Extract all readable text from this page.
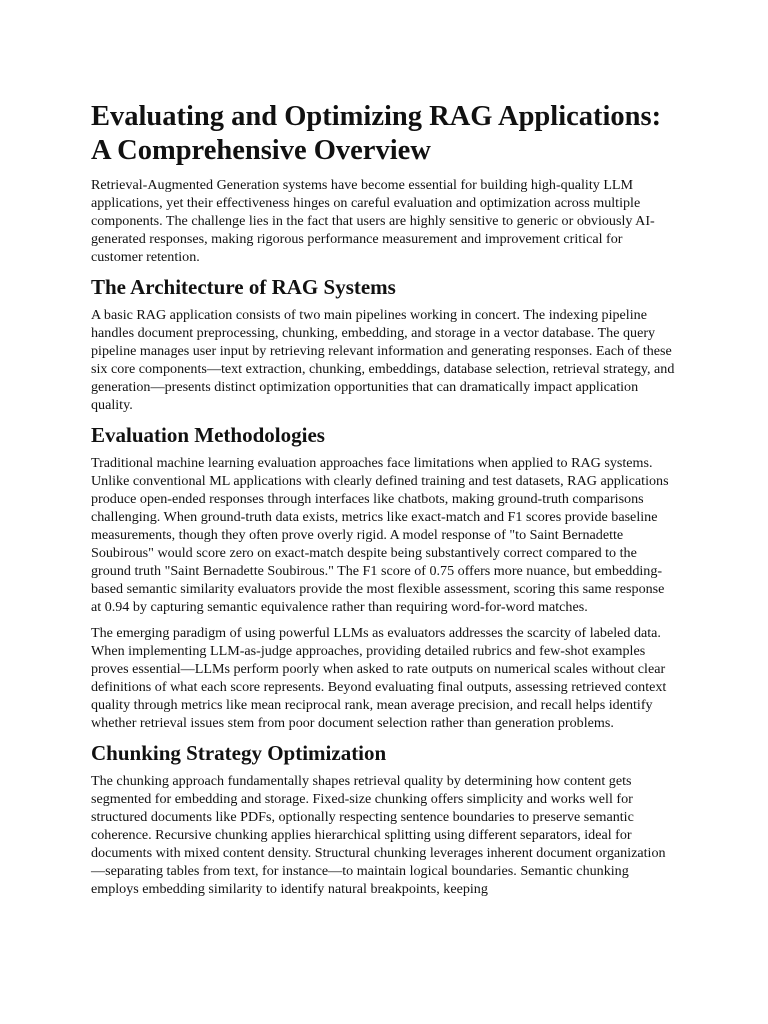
Evaluating and Optimizing RAG Applications: A Comprehensive Overview

Retrieval-Augmented Generation systems have become essential for building high-quality LLM applications, yet their effectiveness hinges on careful evaluation and optimization across multiple components. The challenge lies in the fact that users are highly sensitive to generic or obviously AI-generated responses, making rigorous performance measurement and improvement critical for customer retention.

The Architecture of RAG Systems

A basic RAG application consists of two main pipelines working in concert. The indexing pipeline handles document preprocessing, chunking, embedding, and storage in a vector database. The query pipeline manages user input by retrieving relevant information and generating responses. Each of these six core components—text extraction, chunking, embeddings, database selection, retrieval strategy, and generation—presents distinct optimization opportunities that can dramatically impact application quality.

Evaluation Methodologies

Traditional machine learning evaluation approaches face limitations when applied to RAG systems. Unlike conventional ML applications with clearly defined training and test datasets, RAG applications produce open-ended responses through interfaces like chatbots, making ground-truth comparisons challenging. When ground-truth data exists, metrics like exact-match and F1 scores provide baseline measurements, though they often prove overly rigid. A model response of "to Saint Bernadette Soubirous" would score zero on exact-match despite being substantively correct compared to the ground truth "Saint Bernadette Soubirous." The F1 score of 0.75 offers more nuance, but embedding-based semantic similarity evaluators provide the most flexible assessment, scoring this same response at 0.94 by capturing semantic equivalence rather than requiring word-for-word matches.

The emerging paradigm of using powerful LLMs as evaluators addresses the scarcity of labeled data. When implementing LLM-as-judge approaches, providing detailed rubrics and few-shot examples proves essential—LLMs perform poorly when asked to rate outputs on numerical scales without clear definitions of what each score represents. Beyond evaluating final outputs, assessing retrieved context quality through metrics like mean reciprocal rank, mean average precision, and recall helps identify whether retrieval issues stem from poor document selection rather than generation problems.

Chunking Strategy Optimization

The chunking approach fundamentally shapes retrieval quality by determining how content gets segmented for embedding and storage. Fixed-size chunking offers simplicity and works well for structured documents like PDFs, optionally respecting sentence boundaries to preserve semantic coherence. Recursive chunking applies hierarchical splitting using different separators, ideal for documents with mixed content density. Structural chunking leverages inherent document organization—separating tables from text, for instance—to maintain logical boundaries. Semantic chunking employs embedding similarity to identify natural breakpoints, keeping
